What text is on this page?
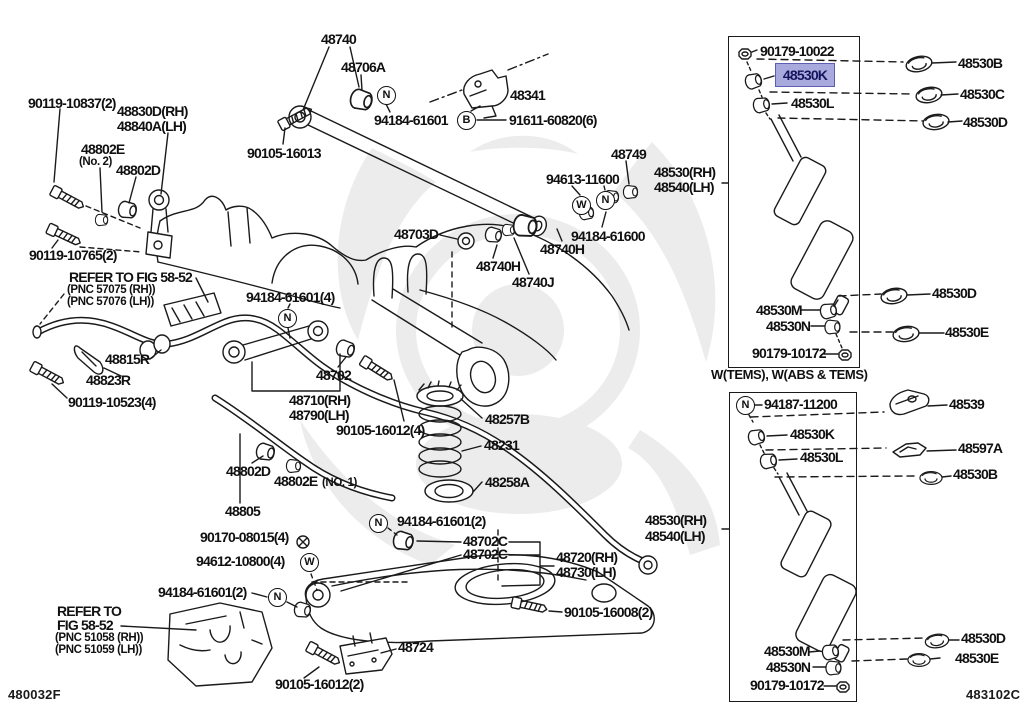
W(TEMS), W(ABS & TEMS)
48530K
90119-10837(2) 48830D(RH)
48840A(LH)
48802E
(No. 2) 48802D
90105-16013
48740
48706A
94184-61601
48341
91611-60820(6)
48749
94613-11600	48530(RH)
48540(LH)
94184-61600
48703D
48740H
48740J
48740H
90119-10765(2)
REFER TO FIG 58-52
(PNC 57075 (RH))
(PNC 57076 (LH))	94184-61601(4)
48815R
48823R
90119-10523(4)
48702
48710(RH)
48790(LH)
90105-16012(4)
48257B
48231
48258A
48802D
48802E (NO. 1)
48805
90170-08015(4)
94612-10800(4)
94184-61601(2)
94184-61601(2)
REFER TO
FIG 58-52
(PNC 51058 (RH))
(PNC 51059 (LH))
48702C
48702C	48720(RH)
48730(LH)
90105-16008(2)
48724
90105-16012(2)
90179-10022
48530L
48530M
48530N
90179-10172
48530B
48530C
48530D
48530D
48530E
94187-11200
48530K
48530L
48539
48597A
48530B
48530M
48530N
90179-10172
48530D
48530E
48530(RH)
48540(LH)
N
B
W	N
N
N
W
N
N
480032F	483102C
